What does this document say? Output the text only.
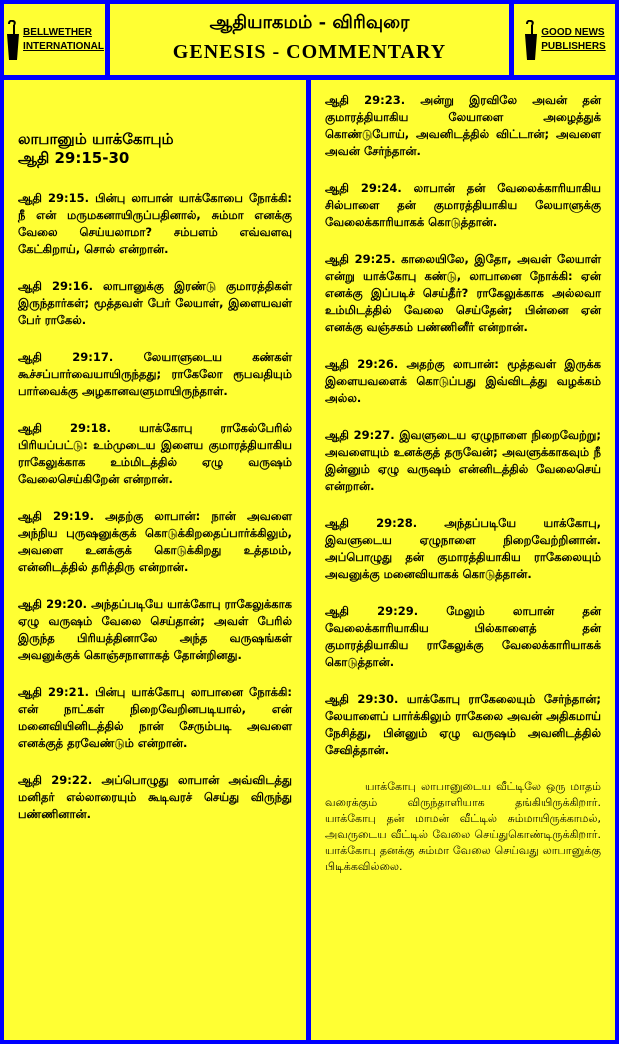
BELLWETHER
INTERNATIONAL
ஆதியாகமம் - விரிவுரை
GENESIS - COMMENTARY
GOOD NEWS
PUBLISHERS
லாபானும் யாக்கோபும்
ஆதி 29:15-30

ஆதி 29:15. பின்பு லாபான் யாக்கோபை நோக்கி: நீ என் மருமகனாயிருப்பதினால், சும்மா எனக்கு வேலை செய்யலாமா? சம்பளம் எவ்வளவு கேட்கிறாய், சொல் என்றான்.

ஆதி 29:16. லாபானுக்கு இரண்டு குமாரத்திகள் இருந்தார்கள்; மூத்தவள் பேர் லேயாள், இளையவள் பேர் ராகேல்.

ஆதி 29:17. லேயாளுடைய கண்கள் கூச்சப்பார்வையாயிருந்தது; ராகேலோ ரூபவதியும் பார்வைக்கு அழகானவளுமாயிருந்தாள்.

ஆதி 29:18. யாக்கோபு ராகேல்பேரில் பிரியப்பட்டு: உம்முடைய இளைய குமாரத்தியாகிய ராகேலுக்காக உம்மிடத்தில் ஏழு வருஷம் வேலைசெய்கிறேன் என்றான்.

ஆதி 29:19. அதற்கு லாபான்: நான் அவளை அந்நிய புருஷனுக்குக் கொடுக்கிறதைப்பார்க்கிலும், அவளை உனக்குக் கொடுக்கிறது உத்தமம், என்னிடத்தில் தரித்திரு என்றான்.

ஆதி 29:20. அந்தப்படியே யாக்கோபு ராகேலுக்காக ஏழு வருஷம் வேலை செய்தான்; அவள் பேரில் இருந்த பிரியத்தினாலே அந்த வருஷங்கள் அவனுக்குக் கொஞ்சநாளாகத் தோன்றினது.

ஆதி 29:21. பின்பு யாக்கோபு லாபானை நோக்கி: என் நாட்கள் நிறைவேறினபடியால், என் மனைவியினிடத்தில் நான் சேரும்படி அவளை எனக்குத் தரவேண்டும் என்றான்.

ஆதி 29:22. அப்பொழுது லாபான் அவ்விடத்து மனிதர் எல்லாரையும் கூடிவரச் செய்து விருந்து பண்ணினான்.

ஆதி 29:23. அன்று இரவிலே அவன் தன் குமாரத்தியாகிய லேயாளை அழைத்துக் கொண்டுபோய், அவனிடத்தில் விட்டான்; அவளை அவன் சேர்ந்தான்.

ஆதி 29:24. லாபான் தன் வேலைக்காரியாகிய சில்பாளை தன் குமாரத்தியாகிய லேயாளுக்கு வேலைக்காரியாகக் கொடுத்தான்.

ஆதி 29:25. காலையிலே, இதோ, அவள் லேயாள் என்று யாக்கோபு கண்டு, லாபானை நோக்கி: ஏன் எனக்கு இப்படிச் செய்தீர்? ராகேலுக்காக அல்லவா உம்மிடத்தில் வேலை செய்தேன்; பின்னை ஏன் எனக்கு வஞ்சகம் பண்ணினீர் என்றான்.

ஆதி 29:26. அதற்கு லாபான்: மூத்தவள் இருக்க இளையவளைக் கொடுப்பது இவ்விடத்து வழக்கம் அல்ல.

ஆதி 29:27. இவளுடைய ஏழுநாளை நிறைவேற்று; அவளையும் உனக்குத் தருவேன்; அவளுக்காகவும் நீ இன்னும் ஏழு வருஷம் என்னிடத்தில் வேலைசெய் என்றான்.

ஆதி 29:28. அந்தப்படியே யாக்கோபு, இவளுடைய ஏழுநாளை நிறைவேற்றினான். அப்பொழுது தன் குமாரத்தியாகிய ராகேலையும் அவனுக்கு மனைவியாகக் கொடுத்தான்.

ஆதி 29:29. மேலும் லாபான் தன் வேலைக்காரியாகிய பில்காளைத் தன் குமாரத்தியாகிய ராகேலுக்கு வேலைக்காரியாகக் கொடுத்தான்.

ஆதி 29:30. யாக்கோபு ராகேலையும் சேர்ந்தான்; லேயாளைப் பார்க்கிலும் ராகேலை அவன் அதிகமாய் நேசித்து, பின்னும் ஏழு வருஷம் அவனிடத்தில் சேவித்தான்.

யாக்கோபு லாபானுடைய வீட்டிலே ஒரு மாதம் வரைக்கும் விருந்தாளியாக தங்கியிருக்கிறார். யாக்கோபு தன் மாமன் வீட்டில் சும்மாயிருக்காமல், அவருடைய வீட்டில் வேலை செய்துகொண்டிருக்கிறார். யாக்கோபு தனக்கு சும்மா வேலை செய்வது லாபானுக்கு பிடிக்கவில்லை.
